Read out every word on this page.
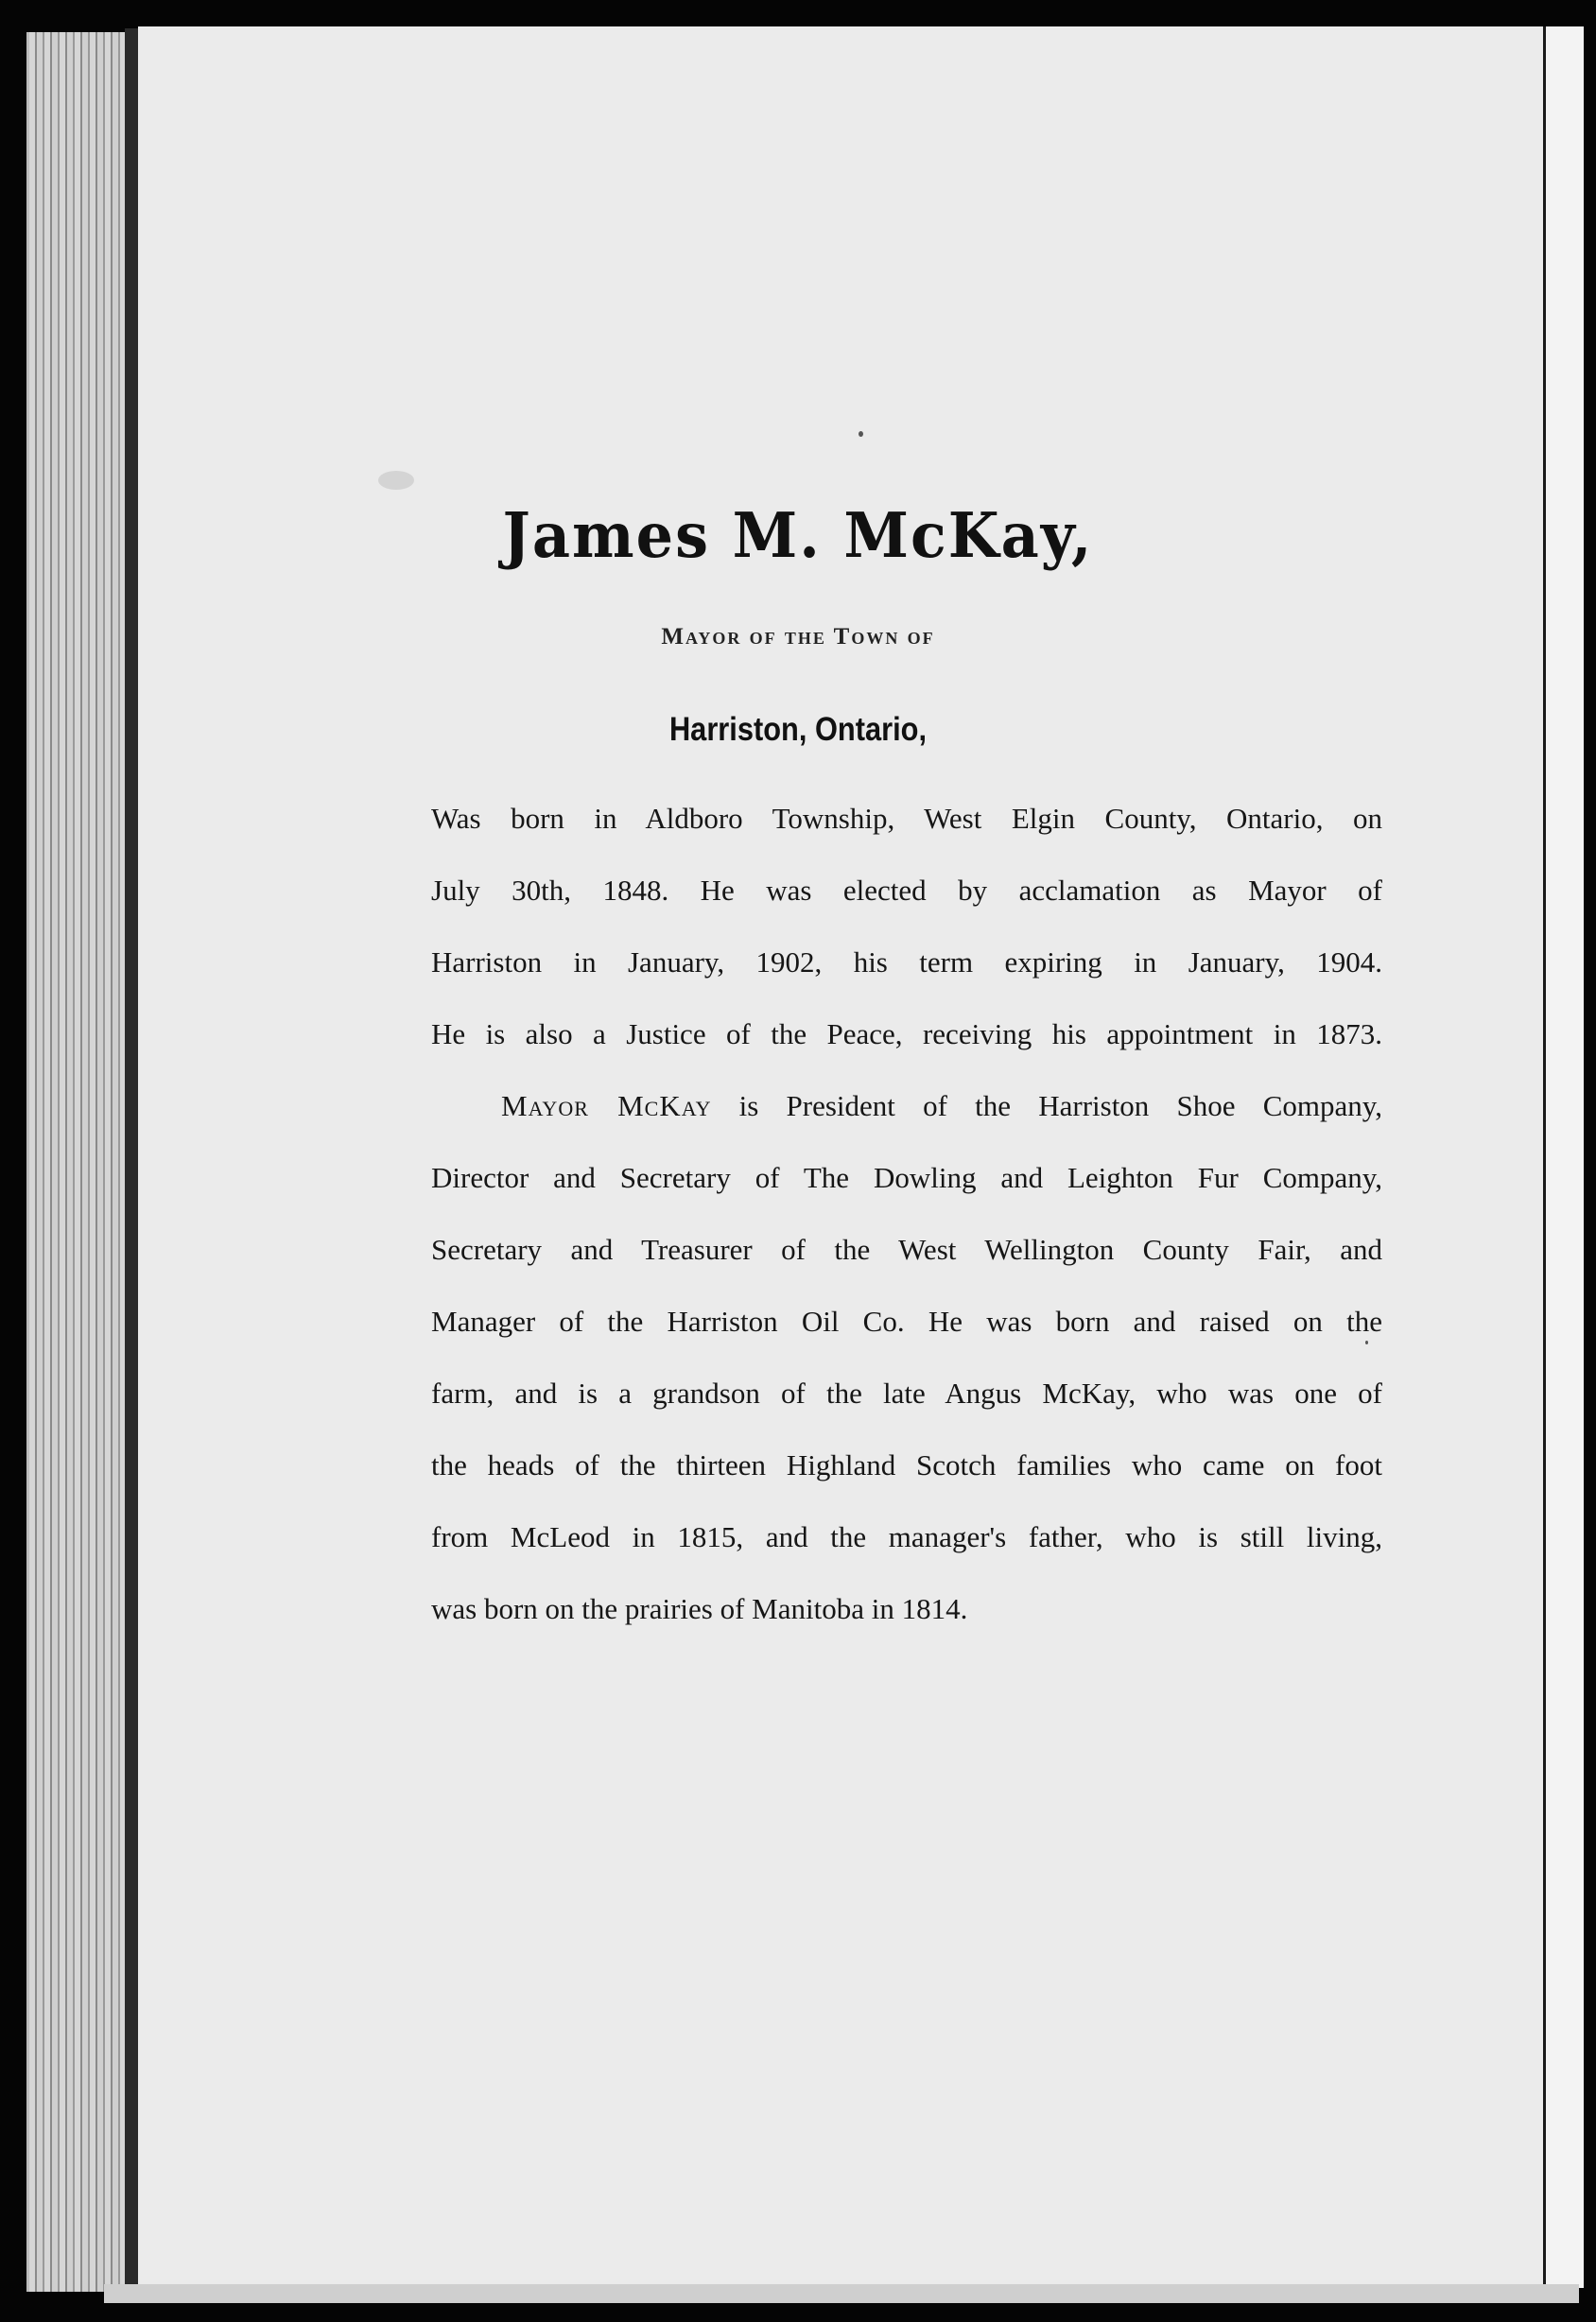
James M. McKay,
Mayor of the Town of
Harriston, Ontario,
Was born in Aldboro Township, West Elgin County, Ontario, on
July 30th, 1848. He was elected by acclamation as Mayor of
Harriston in January, 1902, his term expiring in January, 1904.
He is also a Justice of the Peace, receiving his appointment in 1873.
Mayor McKay is President of the Harriston Shoe Company,
Director and Secretary of The Dowling and Leighton Fur Company,
Secretary and Treasurer of the West Wellington County Fair, and
Manager of the Harriston Oil Co. He was born and raised on the
farm, and is a grandson of the late Angus McKay, who was one of
the heads of the thirteen Highland Scotch families who came on foot
from McLeod in 1815, and the manager's father, who is still living,
was born on the prairies of Manitoba in 1814.
